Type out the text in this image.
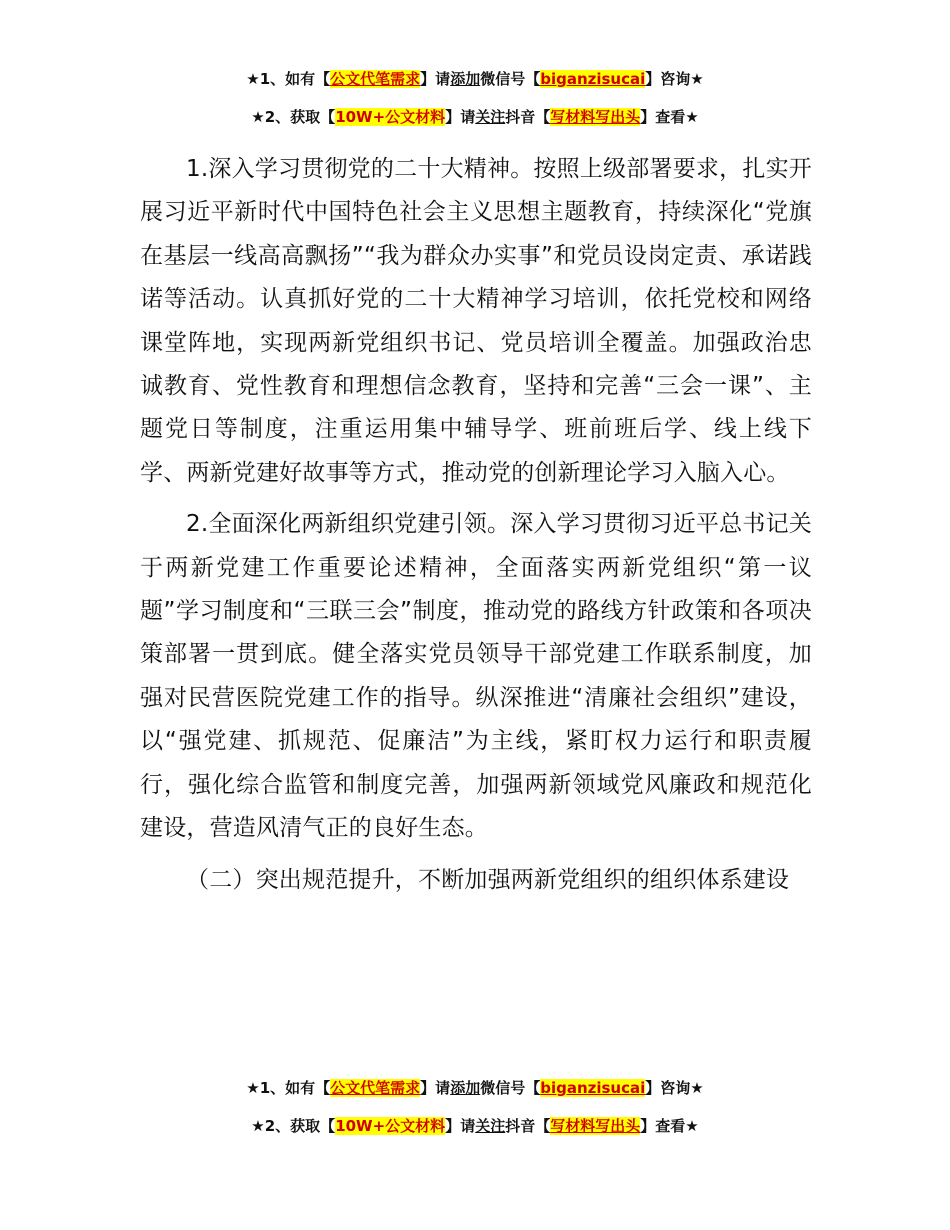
★1、如有【公文代笔需求】请添加微信号【biganzisucai】咨询★
★2、获取【10W+公文材料】请关注抖音【写材料写出头】查看★

1.深入学习贯彻党的二十大精神。按照上级部署要求，扎实开展习近平新时代中国特色社会主义思想主题教育，持续深化“党旗在基层一线高高飘扬”“我为群众办实事”和党员设岗定责、承诺践诺等活动。认真抓好党的二十大精神学习培训，依托党校和网络课堂阵地，实现两新党组织书记、党员培训全覆盖。加强政治忠诚教育、党性教育和理想信念教育，坚持和完善“三会一课”、主题党日等制度，注重运用集中辅导学、班前班后学、线上线下学、两新党建好故事等方式，推动党的创新理论学习入脑入心。

2.全面深化两新组织党建引领。深入学习贯彻习近平总书记关于两新党建工作重要论述精神，全面落实两新党组织“第一议题”学习制度和“三联三会”制度，推动党的路线方针政策和各项决策部署一贯到底。健全落实党员领导干部党建工作联系制度，加强对民营医院党建工作的指导。纵深推进“清廉社会组织”建设，以“强党建、抓规范、促廉洁”为主线，紧盯权力运行和职责履行，强化综合监管和制度完善，加强两新领域党风廉政和规范化建设，营造风清气正的良好生态。

（二）突出规范提升，不断加强两新党组织的组织体系建设

★1、如有【公文代笔需求】请添加微信号【biganzisucai】咨询★
★2、获取【10W+公文材料】请关注抖音【写材料写出头】查看★
